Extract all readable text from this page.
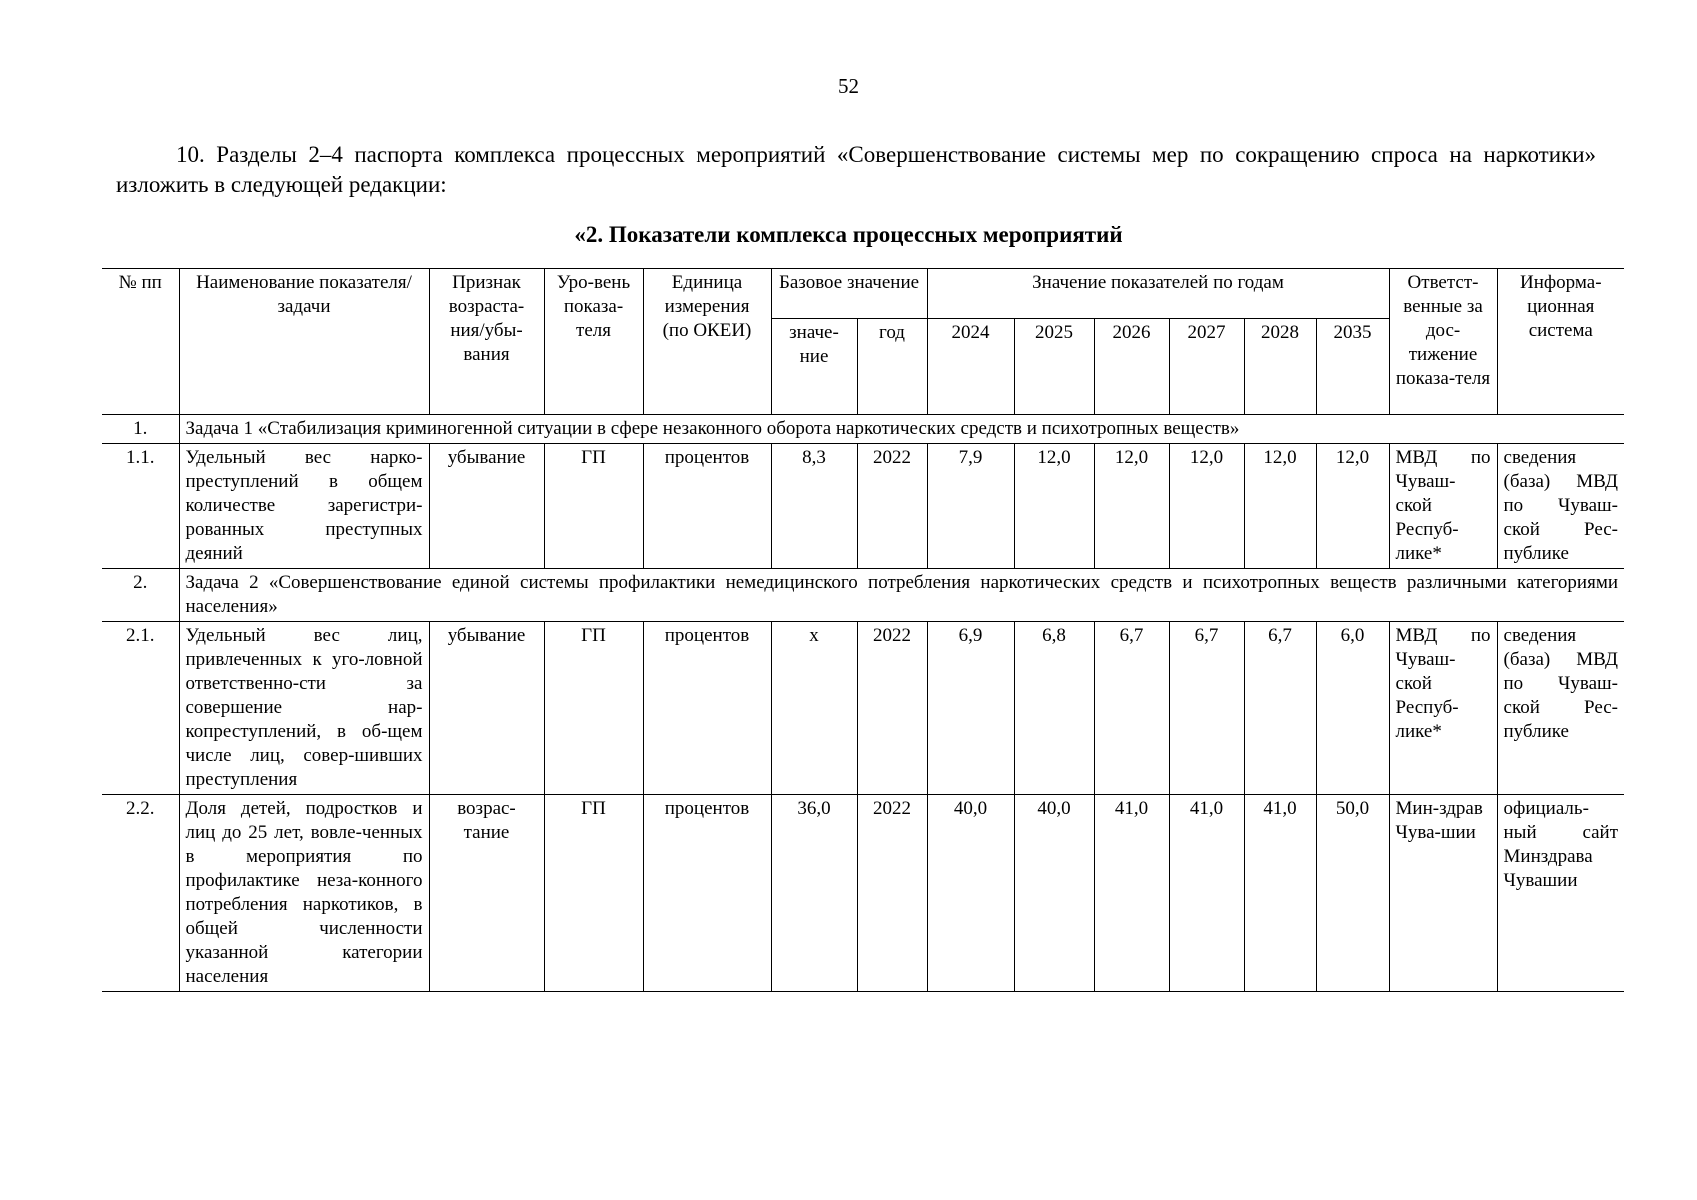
52
10. Разделы 2–4 паспорта комплекса процессных мероприятий «Совершенствование системы мер по сокращению спроса на наркотики» изложить в следующей редакции:
«2. Показатели комплекса процессных мероприятий
№ пп	Наименование показателя/задачи	Признак возраста-ния/убы-вания	Уро-вень показа-теля	Единица измерения (по ОКЕИ)	Базовое значение		Значение показателей по годам						Ответст-венные за дос-тижение показа-теля	Информа-ционная система
					значе-ние	год	2024	2025	2026	2027	2028	2035		
1.	Задача 1 «Стабилизация криминогенной ситуации в сфере незаконного оборота наркотических средств и психотропных веществ»													
1.1.	Удельный вес нарко-преступлений в общем количестве зарегистри-рованных преступных деяний	убывание	ГП	процентов	8,3	2022	7,9	12,0	12,0	12,0	12,0	12,0	МВД по Чуваш-ской Респуб-лике*	сведения (база) МВД по Чуваш-ской Рес-публике
2.	Задача 2 «Совершенствование единой системы профилактики немедицинского потребления наркотических средств и психотропных веществ различными категориями населения»													
2.1.	Удельный вес лиц, привлеченных к уго-ловной ответственно-сти за совершение нар-копреступлений, в об-щем числе лиц, совер-шивших преступления	убывание	ГП	процентов	х	2022	6,9	6,8	6,7	6,7	6,7	6,0	МВД по Чуваш-ской Респуб-лике*	сведения (база) МВД по Чуваш-ской Рес-публике
2.2.	Доля детей, подростков и лиц до 25 лет, вовле-ченных в мероприятия по профилактике неза-конного потребления наркотиков, в общей численности указанной категории населения	возрас-тание	ГП	процентов	36,0	2022	40,0	40,0	41,0	41,0	41,0	50,0	Мин-здрав Чува-шии	официаль-ный сайт Минздрава Чувашии
